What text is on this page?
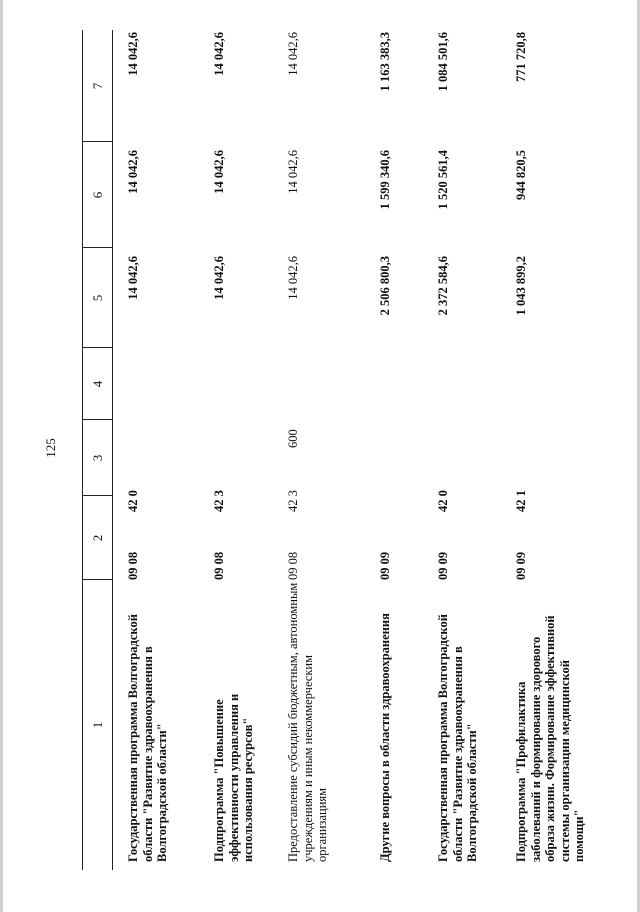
125
1
2
3
4
5
6
7
Государственная программа Волгоградской области "Развитие здравоохранения в Волгоградской области"
09 08
42 0
14 042,6
14 042,6
14 042,6
Подпрограмма "Повышение эффективности управления и использования ресурсов"
09 08
42 3
14 042,6
14 042,6
14 042,6
Предоставление субсидий бюджетным, автономным учреждениям и иным некоммерческим организациям
09 08
42 3
600
14 042,6
14 042,6
14 042,6
Другие вопросы в области здравоохранения
09 09
2 506 800,3
1 599 340,6
1 163 383,3
Государственная программа Волгоградской области "Развитие здравоохранения в Волгоградской области"
09 09
42 0
2 372 584,6
1 520 561,4
1 084 501,6
Подпрограмма "Профилактика заболеваний и формирование здорового образа жизни. Формирование эффективной системы организации медицинской помощи"
09 09
42 1
1 043 899,2
944 820,5
771 720,8
